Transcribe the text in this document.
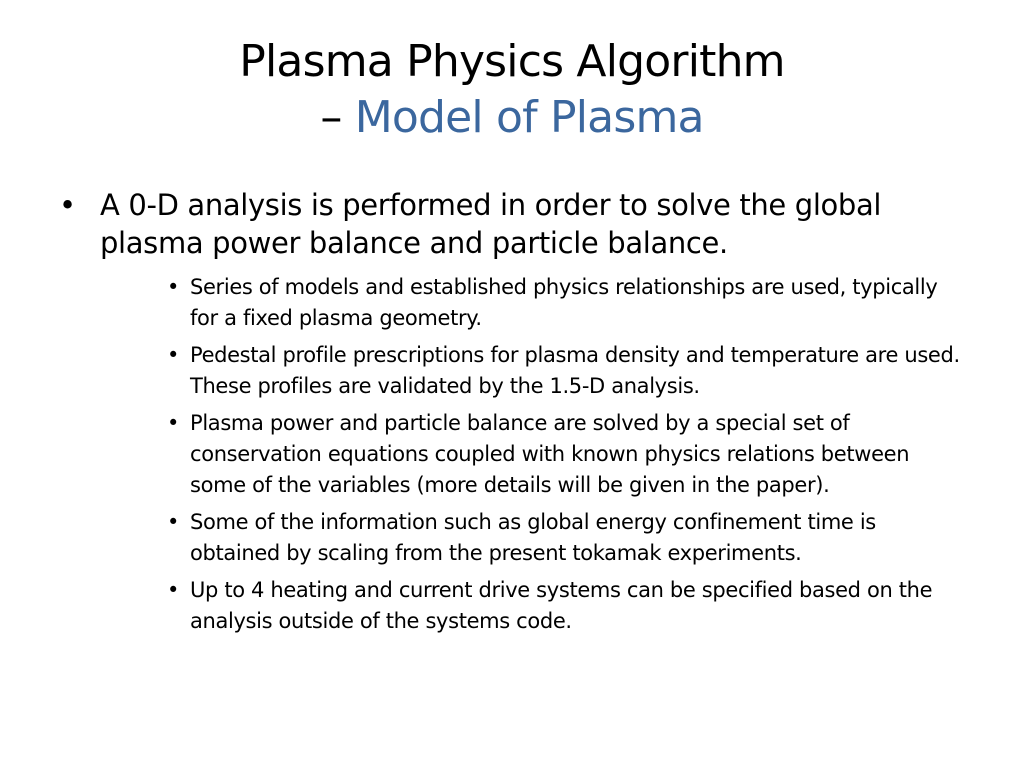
Plasma Physics Algorithm
– Model of Plasma

• A 0-D analysis is performed in order to solve the global plasma power balance and particle balance.

• Series of models and established physics relationships are used, typically for a fixed plasma geometry.
• Pedestal profile prescriptions for plasma density and temperature are used. These profiles are validated by the 1.5-D analysis.
• Plasma power and particle balance are solved by a special set of conservation equations coupled with known physics relations between some of the variables (more details will be given in the paper).
• Some of the information such as global energy confinement time is obtained by scaling from the present tokamak experiments.
• Up to 4 heating and current drive systems can be specified based on the analysis outside of the systems code.
